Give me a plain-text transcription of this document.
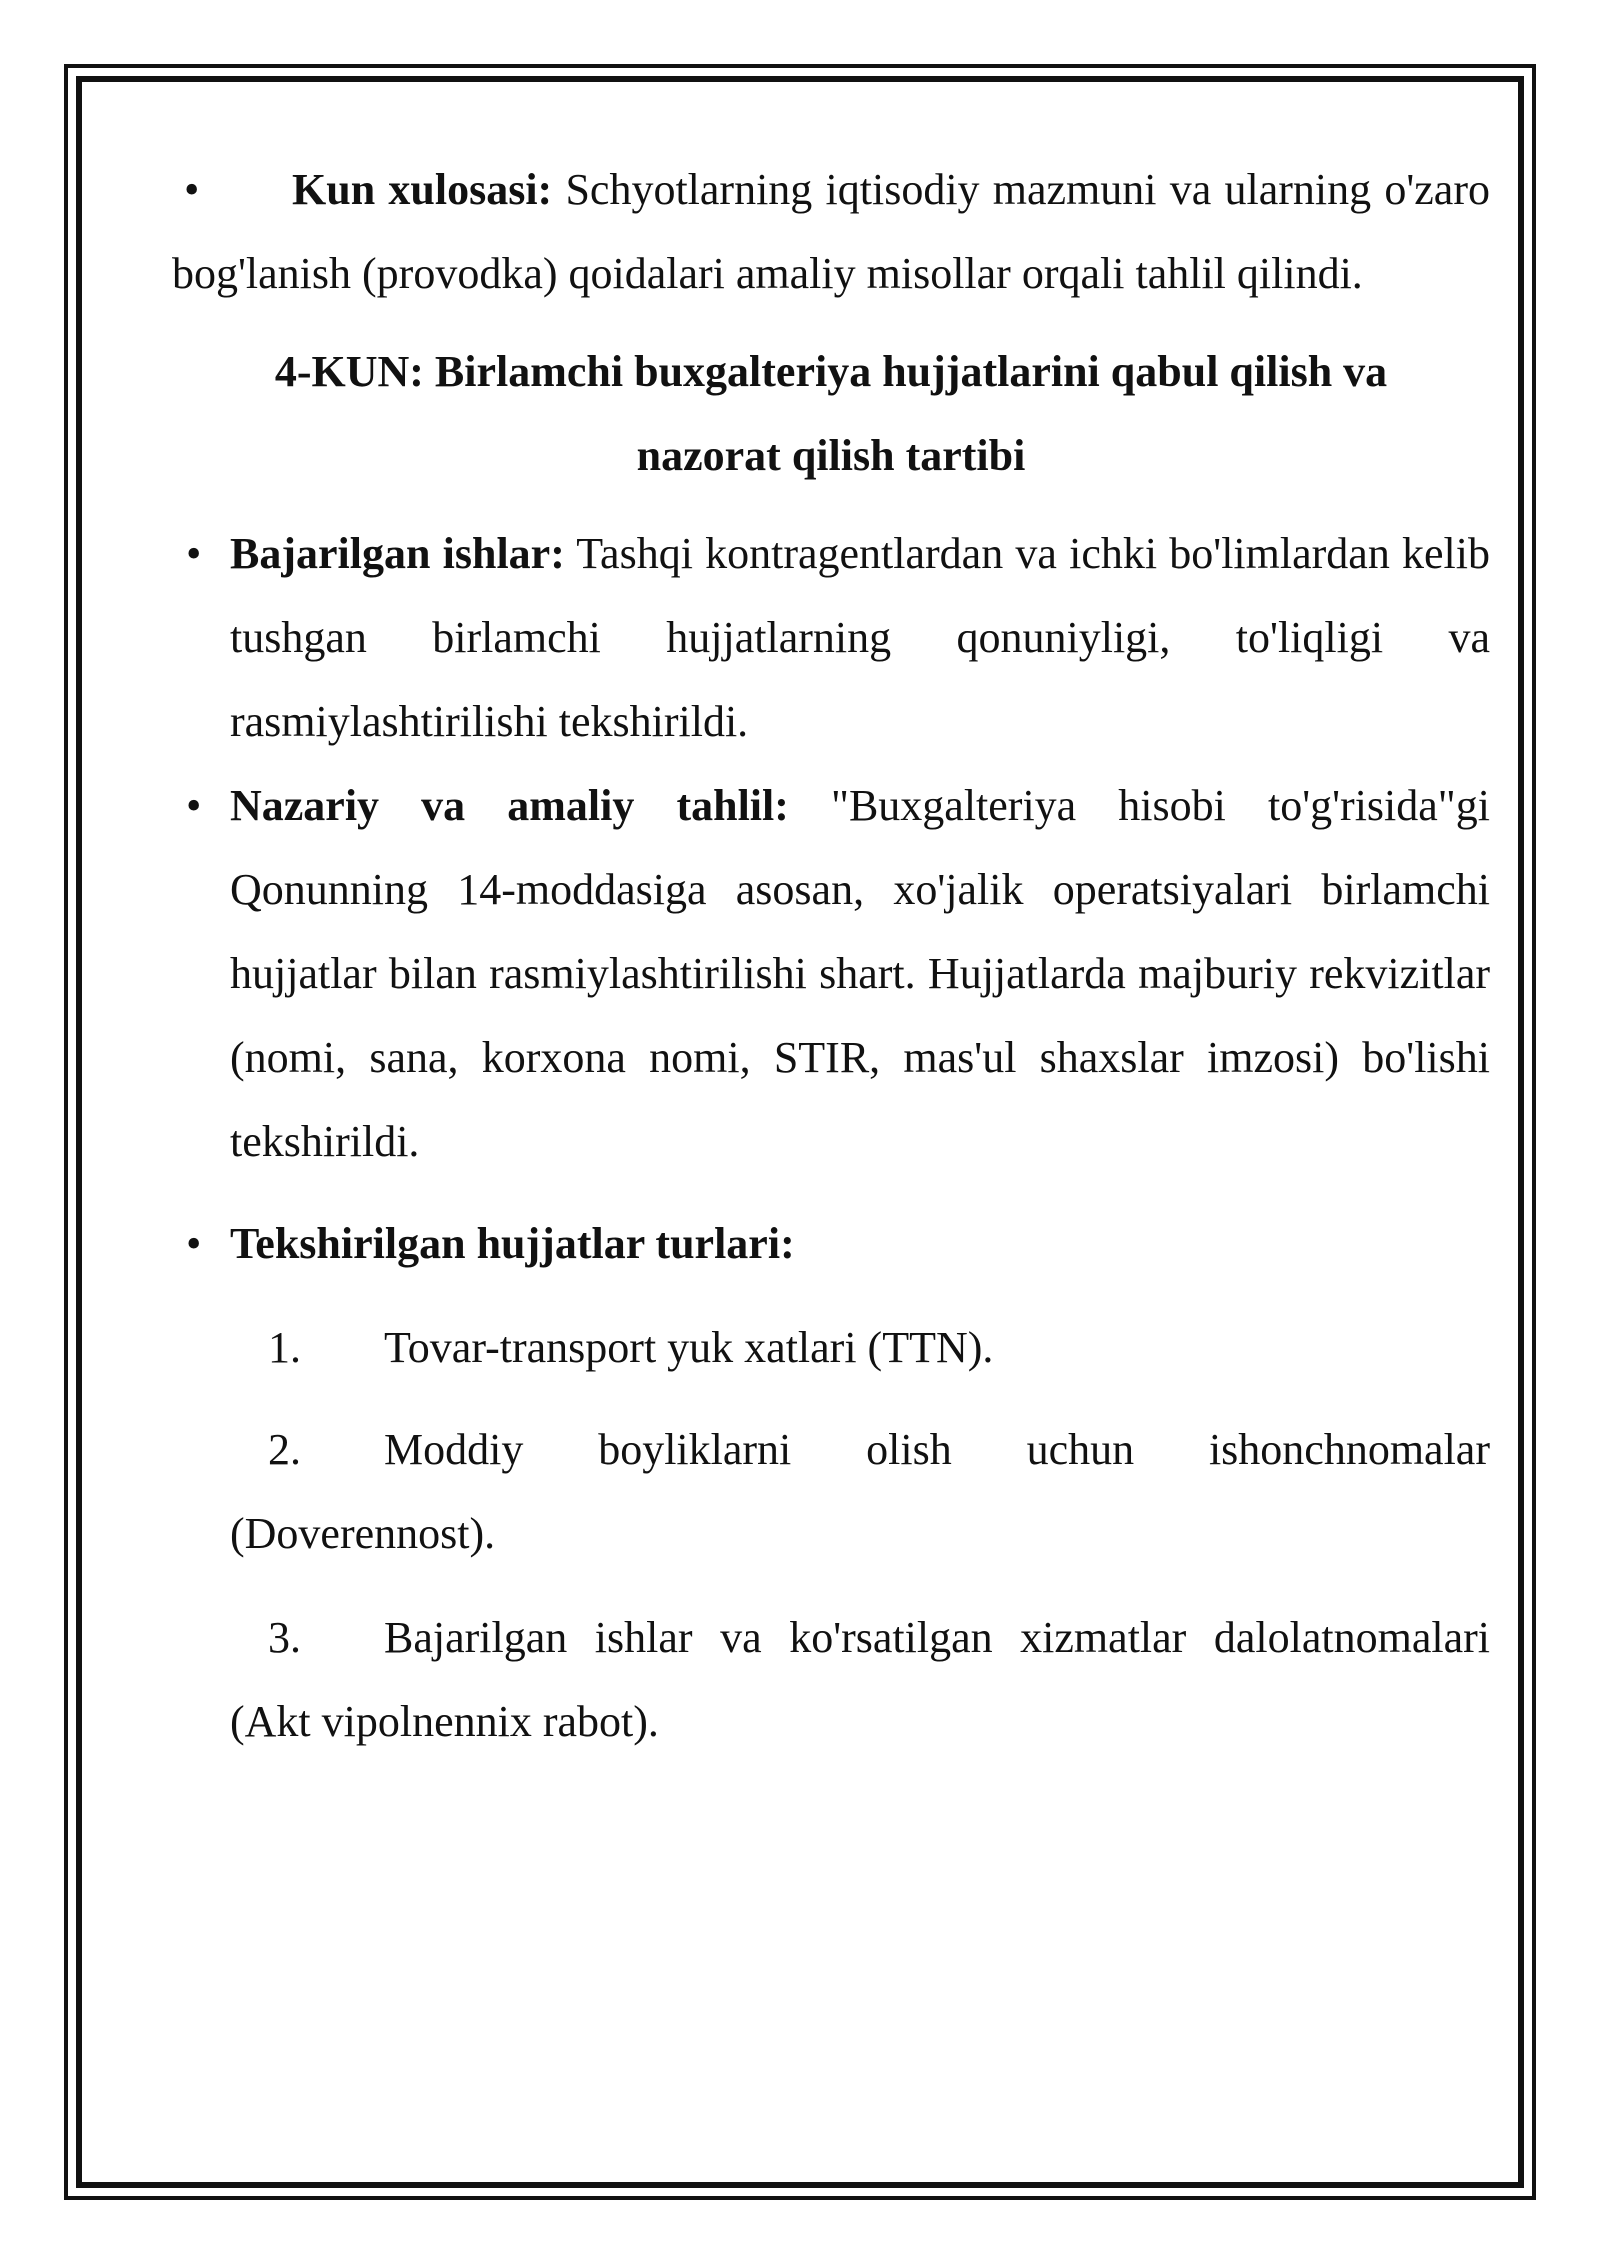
• Kun xulosasi: Schyotlarning iqtisodiy mazmuni va ularning o'zaro bog'lanish (provodka) qoidalari amaliy misollar orqali tahlil qilindi.

4-KUN: Birlamchi buxgalteriya hujjatlarini qabul qilish va
nazorat qilish tartibi
• Bajarilgan ishlar: Tashqi kontragentlardan va ichki bo'limlardan kelib tushgan birlamchi hujjatlarning qonuniyligi, to'liqligi va rasmiylashtirilishi tekshirildi.
• Nazariy va amaliy tahlil: "Buxgalteriya hisobi to'g'risida"gi Qonunning 14-moddasiga asosan, xo'jalik operatsiyalari birlamchi hujjatlar bilan rasmiylashtirilishi shart. Hujjatlarda majburiy rekvizitlar (nomi, sana, korxona nomi, STIR, mas'ul shaxslar imzosi) bo'lishi tekshirildi.
• Tekshirilgan hujjatlar turlari:
1. Tovar-transport yuk xatlari (TTN).
2. Moddiy boyliklarni olish uchun ishonchnomalar (Doverennost).
3. Bajarilgan ishlar va ko'rsatilgan xizmatlar dalolatnomalari (Akt vipolnennix rabot).
